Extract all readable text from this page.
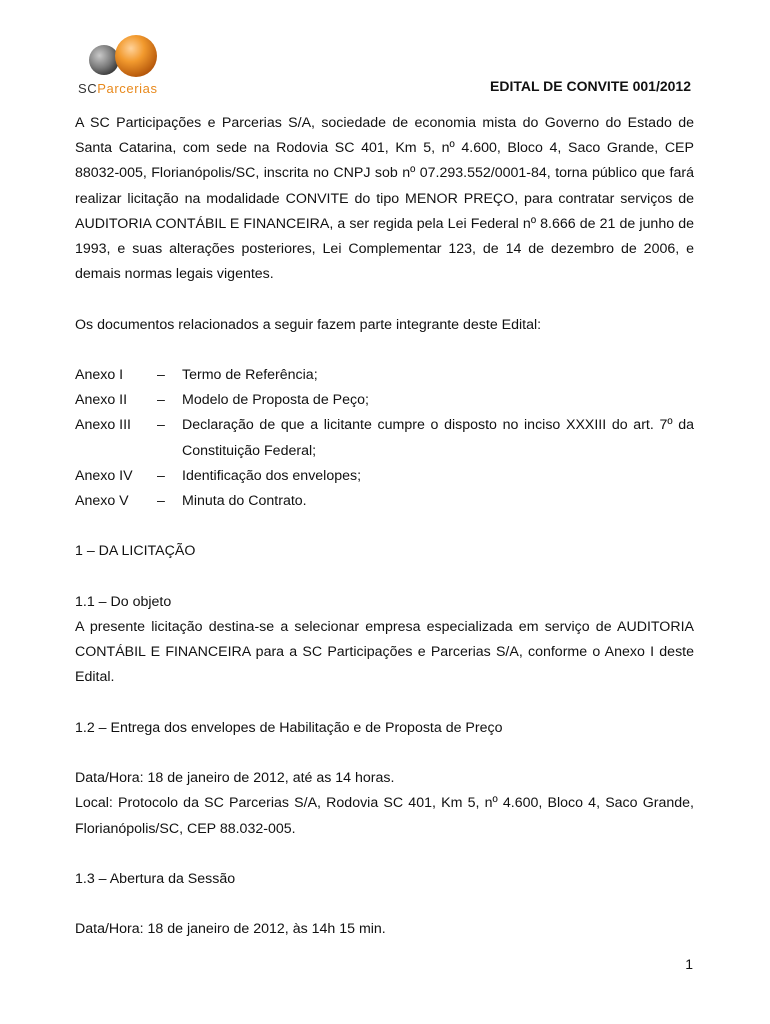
SCParcerias	EDITAL DE CONVITE 001/2012

A SC Participações e Parcerias S/A, sociedade de economia mista do Governo do Estado de Santa Catarina, com sede na Rodovia SC 401, Km 5, nº 4.600, Bloco 4, Saco Grande, CEP 88032-005, Florianópolis/SC, inscrita no CNPJ sob nº 07.293.552/0001-84, torna público que fará realizar licitação na modalidade CONVITE do tipo MENOR PREÇO, para contratar serviços de AUDITORIA CONTÁBIL E FINANCEIRA, a ser regida pela Lei Federal nº 8.666 de 21 de junho de 1993, e suas alterações posteriores, Lei Complementar 123, de 14 de dezembro de 2006, e demais normas legais vigentes.

Os documentos relacionados a seguir fazem parte integrante deste Edital:

Anexo I	–	Termo de Referência;
Anexo II	–	Modelo de Proposta de Peço;
Anexo III	–	Declaração de que a licitante cumpre o disposto no inciso XXXIII do art. 7º da Constituição Federal;
Anexo IV	–	Identificação dos envelopes;
Anexo V	–	Minuta do Contrato.

1 – DA LICITAÇÃO

1.1 – Do objeto

A presente licitação destina-se a selecionar empresa especializada em serviço de AUDITORIA CONTÁBIL E FINANCEIRA para a SC Participações e Parcerias S/A, conforme o Anexo I deste Edital.

1.2 – Entrega dos envelopes de Habilitação e de Proposta de Preço

Data/Hora: 18 de janeiro de 2012, até as 14 horas.

Local: Protocolo da SC Parcerias S/A, Rodovia SC 401, Km 5, nº 4.600, Bloco 4, Saco Grande, Florianópolis/SC, CEP 88.032-005.

1.3 – Abertura da Sessão

Data/Hora: 18 de janeiro de 2012, às 14h 15 min.

1
